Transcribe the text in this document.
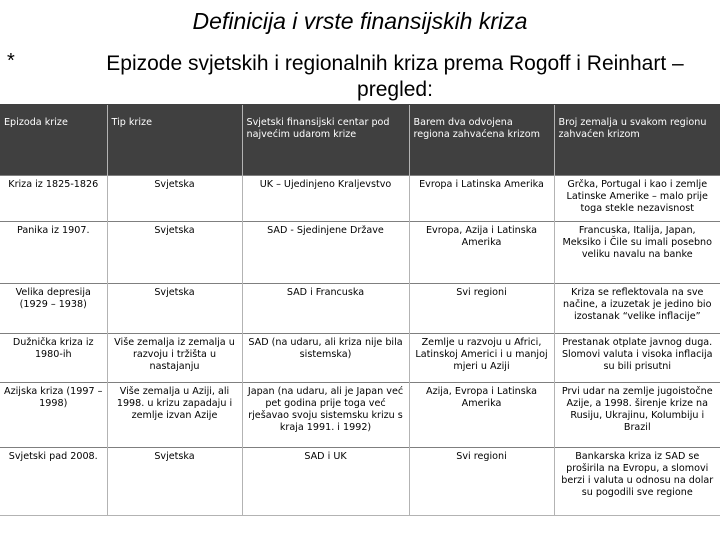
Definicija i vrste finansijskih kriza
*	Epizode svjetskih i regionalnih kriza prema Rogoff i Reinhart – pregled:
Epizoda krize	Tip krize	Svjetski finansijski centar pod najvećim udarom krize	Barem dva odvojena regiona zahvaćena krizom	Broj zemalja u svakom regionu zahvaćen krizom
Kriza iz 1825-1826	Svjetska	UK – Ujedinjeno Kraljevstvo	Evropa i Latinska Amerika	Grčka, Portugal i kao i zemlje Latinske Amerike – malo prije toga stekle nezavisnost
Panika iz 1907.	Svjetska	SAD - Sjedinjene Države	Evropa, Azija i Latinska Amerika	Francuska, Italija, Japan, Meksiko i Čile su imali posebno veliku navalu na banke
Velika depresija (1929 – 1938)	Svjetska	SAD i Francuska	Svi regioni	Kriza se reflektovala na sve načine, a izuzetak je jedino bio izostanak “velike inflacije”
Dužnička kriza iz 1980-ih	Više zemalja iz zemalja u razvoju i tržišta u nastajanju	SAD (na udaru, ali kriza nije bila sistemska)	Zemlje u razvoju u Africi, Latinskoj Americi i u manjoj mjeri u Aziji	Prestanak otplate javnog duga. Slomovi valuta i visoka inflacija su bili prisutni
Azijska kriza (1997 – 1998)	Više zemalja u Aziji, ali 1998. u krizu zapadaju i zemlje izvan Azije	Japan (na udaru, ali je Japan već pet godina prije toga već rješavao svoju sistemsku krizu s kraja 1991. i 1992)	Azija, Evropa i Latinska Amerika	Prvi udar na zemlje jugoistočne Azije, a 1998. širenje krize na Rusiju, Ukrajinu, Kolumbiju i Brazil
Svjetski pad 2008.	Svjetska	SAD i UK	Svi regioni	Bankarska kriza iz SAD se proširila na Evropu, a slomovi berzi i valuta u odnosu na dolar su pogodili sve regione
